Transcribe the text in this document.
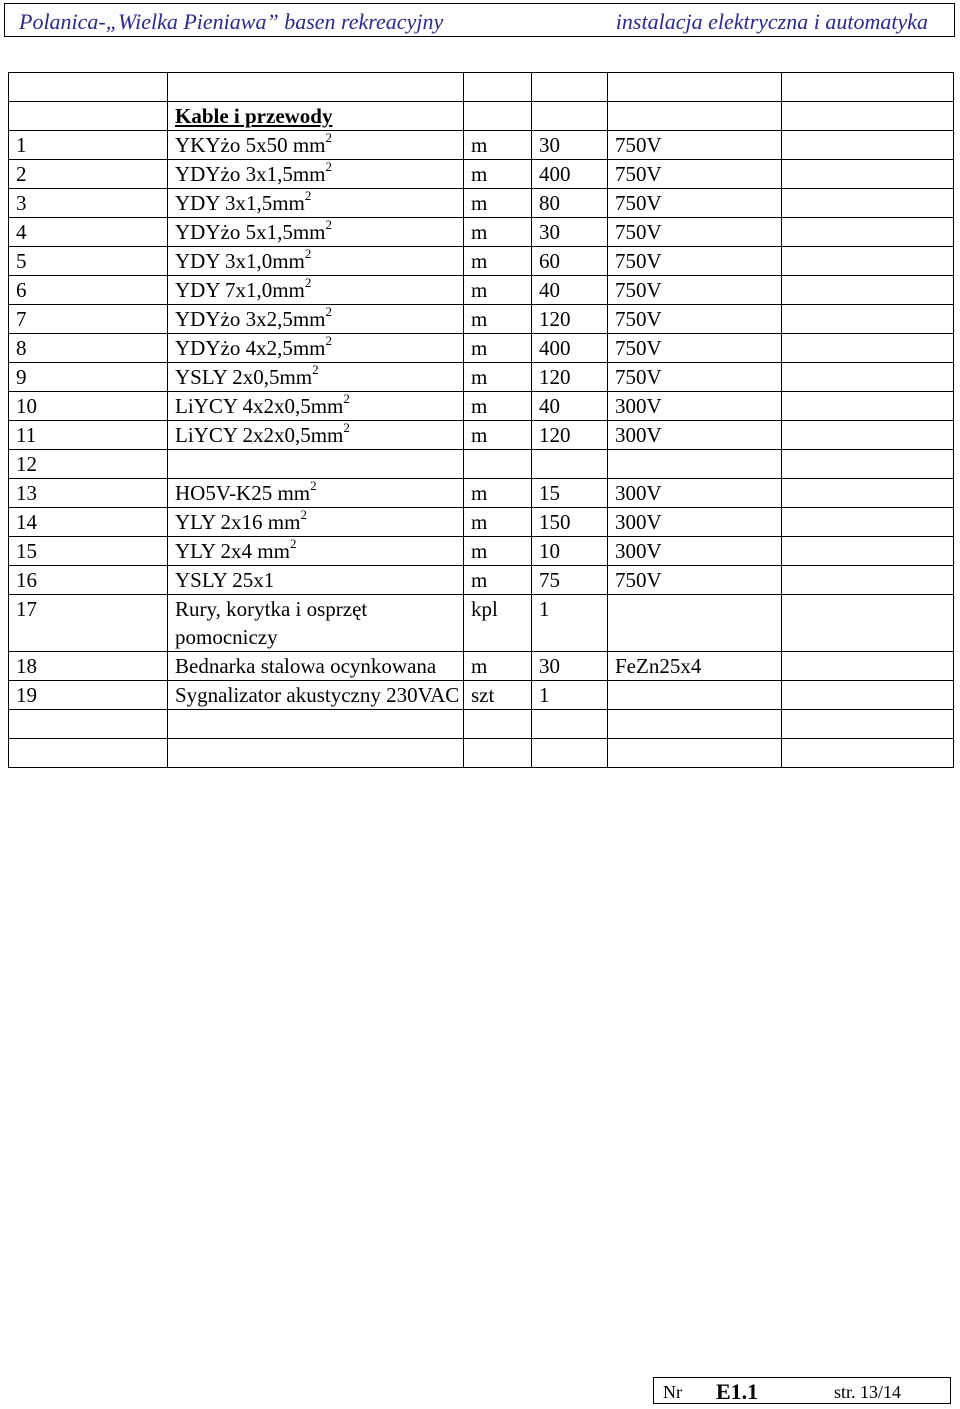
Polanica-„Wielka Pieniawa” basen rekreacyjny	instalacja elektryczna i automatyka

	Kable i przewody				
1	YKYżo 5x50 $mm^2$	m	30	750V	
2	YDYżo $3x1,5mm^2$	m	400	750V	
3	YDY $3x1,5mm^2$	m	80	750V	
4	YDYżo $5x1,5mm^2$	m	30	750V	
5	YDY $3x1,0mm^2$	m	60	750V	
6	YDY $7x1,0mm^2$	m	40	750V	
7	YDYżo $3x2,5mm^2$	m	120	750V	
8	YDYżo $4x2,5mm^2$	m	400	750V	
9	YSLY $2x0,5mm^2$	m	120	750V	
10	LiYCY $4x2x0,5mm^2$	m	40	300V	
11	LiYCY $2x2x0,5mm^2$	m	120	300V	
12					
13	HO5V-K25 $mm^2$	m	15	300V	
14	YLY 2x16 $mm^2$	m	150	300V	
15	YLY 2x4 $mm^2$	m	10	300V	
16	YSLY 25x1	m	75	750V	
17	Rury, korytka i osprzęt pomocniczy	kpl	1		
18	Bednarka stalowa ocynkowana	m	30	FeZn25x4	
19	Sygnalizator akustyczny 230VAC	szt	1		

Nr E1.1	str. 13/14
